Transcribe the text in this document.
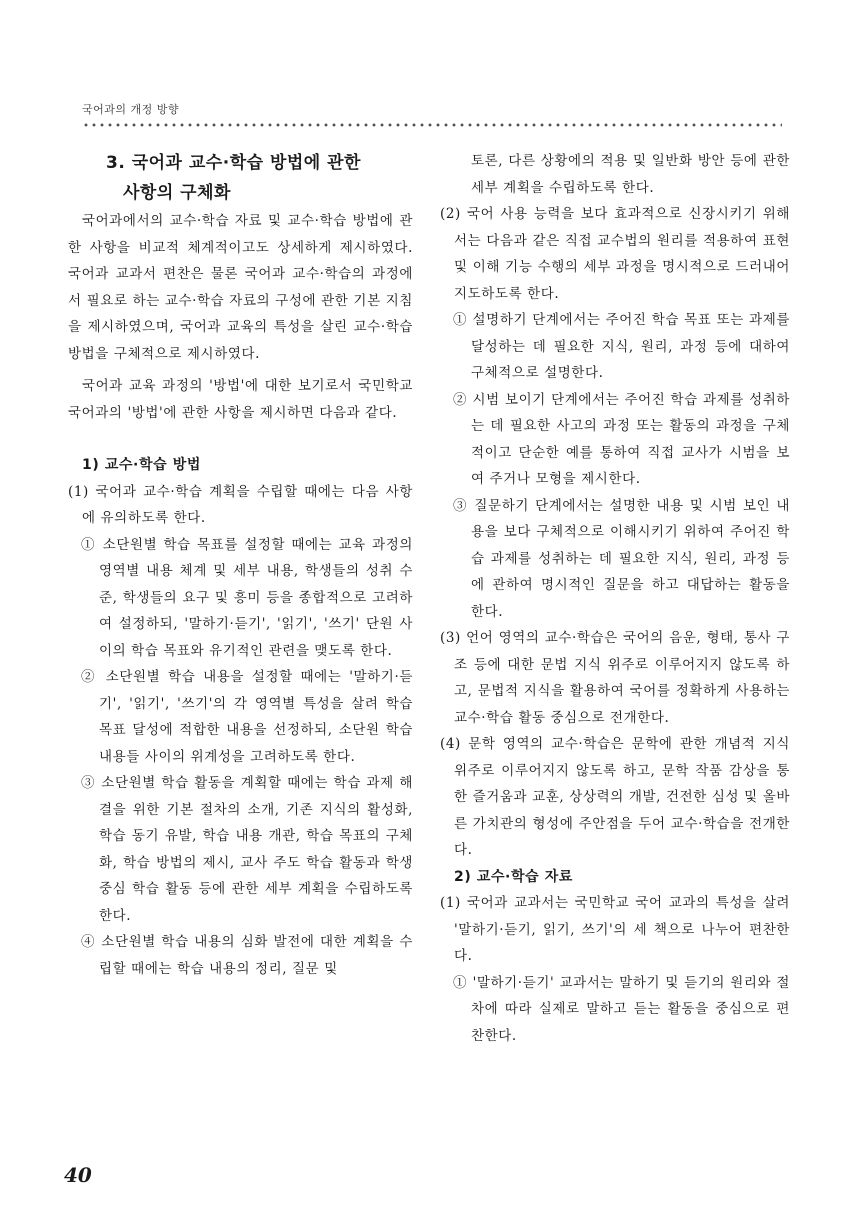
국어과의 개정 방향
3. 국어과 교수·학습 방법에 관한
사항의 구체화

국어과에서의 교수·학습 자료 및 교수·학습 방법에 관한 사항을 비교적 체계적이고도 상세하게 제시하였다. 국어과 교과서 편찬은 물론 국어과 교수·학습의 과정에서 필요로 하는 교수·학습 자료의 구성에 관한 기본 지침을 제시하였으며, 국어과 교육의 특성을 살린 교수·학습 방법을 구체적으로 제시하였다.

국어과 교육 과정의 '방법'에 대한 보기로서 국민학교 국어과의 '방법'에 관한 사항을 제시하면 다음과 같다.

1) 교수·학습 방법

(1) 국어과 교수·학습 계획을 수립할 때에는 다음 사항에 유의하도록 한다.

① 소단원별 학습 목표를 설정할 때에는 교육 과정의 영역별 내용 체계 및 세부 내용, 학생들의 성취 수준, 학생들의 요구 및 흥미 등을 종합적으로 고려하여 설정하되, '말하기·듣기', '읽기', '쓰기' 단원 사이의 학습 목표와 유기적인 관련을 맺도록 한다.

② 소단원별 학습 내용을 설정할 때에는 '말하기·듣기', '읽기', '쓰기'의 각 영역별 특성을 살려 학습 목표 달성에 적합한 내용을 선정하되, 소단원 학습 내용들 사이의 위계성을 고려하도록 한다.

③ 소단원별 학습 활동을 계획할 때에는 학습 과제 해결을 위한 기본 절차의 소개, 기존 지식의 활성화, 학습 동기 유발, 학습 내용 개관, 학습 목표의 구체화, 학습 방법의 제시, 교사 주도 학습 활동과 학생 중심 학습 활동 등에 관한 세부 계획을 수립하도록 한다.

④ 소단원별 학습 내용의 심화 발전에 대한 계획을 수립할 때에는 학습 내용의 정리, 질문 및

토론, 다른 상황에의 적용 및 일반화 방안 등에 관한 세부 계획을 수립하도록 한다.

(2) 국어 사용 능력을 보다 효과적으로 신장시키기 위해서는 다음과 같은 직접 교수법의 원리를 적용하여 표현 및 이해 기능 수행의 세부 과정을 명시적으로 드러내어 지도하도록 한다.

① 설명하기 단계에서는 주어진 학습 목표 또는 과제를 달성하는 데 필요한 지식, 원리, 과정 등에 대하여 구체적으로 설명한다.

② 시범 보이기 단계에서는 주어진 학습 과제를 성취하는 데 필요한 사고의 과정 또는 활동의 과정을 구체적이고 단순한 예를 통하여 직접 교사가 시범을 보여 주거나 모형을 제시한다.

③ 질문하기 단계에서는 설명한 내용 및 시범 보인 내용을 보다 구체적으로 이해시키기 위하여 주어진 학습 과제를 성취하는 데 필요한 지식, 원리, 과정 등에 관하여 명시적인 질문을 하고 대답하는 활동을 한다.

(3) 언어 영역의 교수·학습은 국어의 음운, 형태, 통사 구조 등에 대한 문법 지식 위주로 이루어지지 않도록 하고, 문법적 지식을 활용하여 국어를 정확하게 사용하는 교수·학습 활동 중심으로 전개한다.

(4) 문학 영역의 교수·학습은 문학에 관한 개념적 지식 위주로 이루어지지 않도록 하고, 문학 작품 감상을 통한 즐거움과 교훈, 상상력의 개발, 건전한 심성 및 올바른 가치관의 형성에 주안점을 두어 교수·학습을 전개한다.

2) 교수·학습 자료

(1) 국어과 교과서는 국민학교 국어 교과의 특성을 살려 '말하기·듣기, 읽기, 쓰기'의 세 책으로 나누어 편찬한다.

① '말하기·듣기' 교과서는 말하기 및 듣기의 원리와 절차에 따라 실제로 말하고 듣는 활동을 중심으로 편찬한다.

40
